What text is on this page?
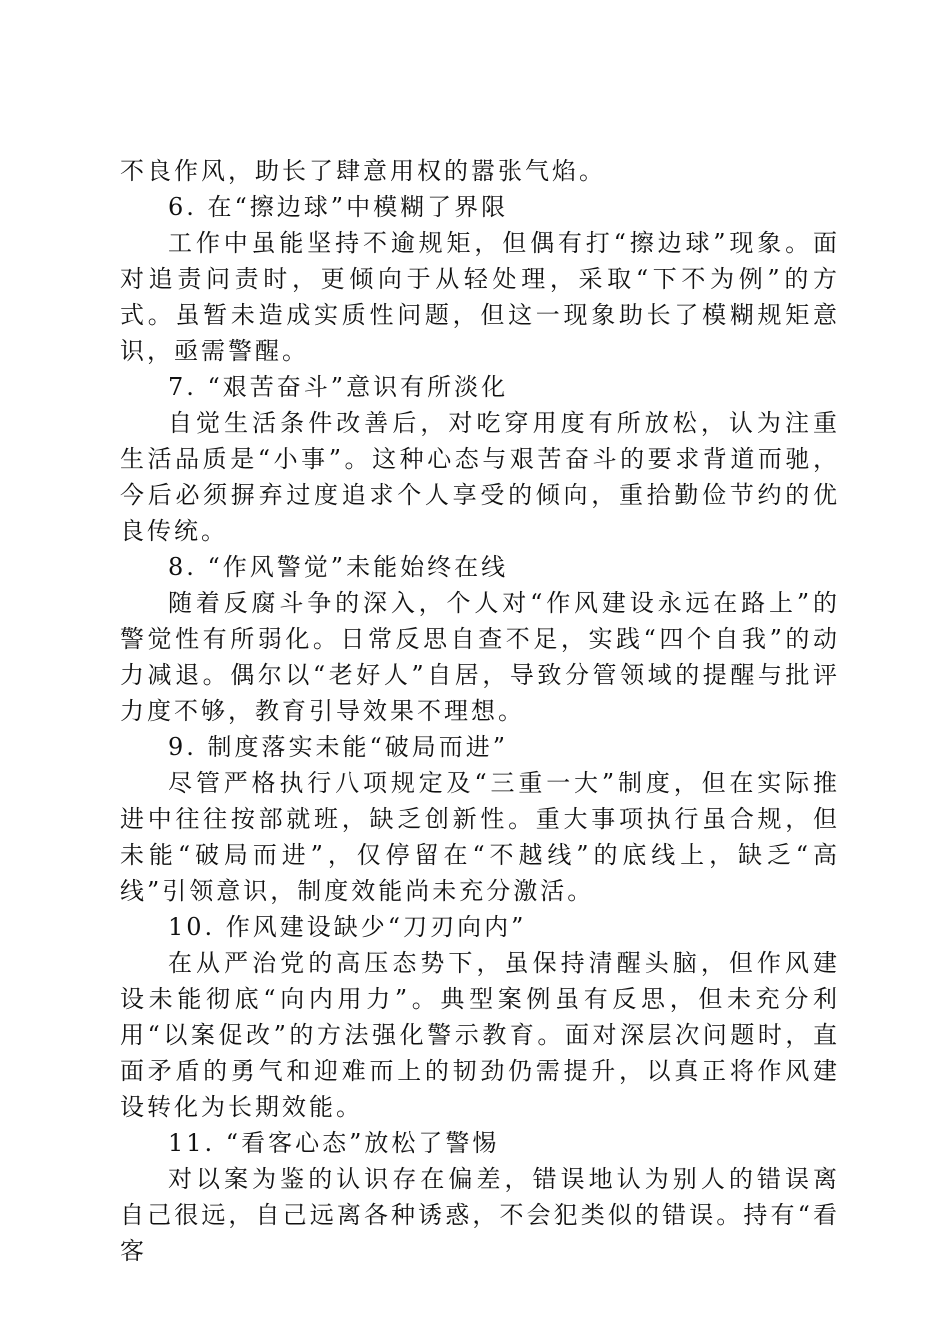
不良作风，助长了肆意用权的嚣张气焰。

6. 在“擦边球”中模糊了界限

工作中虽能坚持不逾规矩，但偶有打“擦边球”现象。面对追责问责时，更倾向于从轻处理，采取“下不为例”的方式。虽暂未造成实质性问题，但这一现象助长了模糊规矩意识，亟需警醒。

7. “艰苦奋斗”意识有所淡化

自觉生活条件改善后，对吃穿用度有所放松，认为注重生活品质是“小事”。这种心态与艰苦奋斗的要求背道而驰，今后必须摒弃过度追求个人享受的倾向，重拾勤俭节约的优良传统。

8. “作风警觉”未能始终在线

随着反腐斗争的深入，个人对“作风建设永远在路上”的警觉性有所弱化。日常反思自查不足，实践“四个自我”的动力减退。偶尔以“老好人”自居，导致分管领域的提醒与批评力度不够，教育引导效果不理想。

9. 制度落实未能“破局而进”

尽管严格执行八项规定及“三重一大”制度，但在实际推进中往往按部就班，缺乏创新性。重大事项执行虽合规，但未能“破局而进”，仅停留在“不越线”的底线上，缺乏“高线”引领意识，制度效能尚未充分激活。

10. 作风建设缺少“刀刃向内”

在从严治党的高压态势下，虽保持清醒头脑，但作风建设未能彻底“向内用力”。典型案例虽有反思，但未充分利用“以案促改”的方法强化警示教育。面对深层次问题时，直面矛盾的勇气和迎难而上的韧劲仍需提升，以真正将作风建设转化为长期效能。

11. “看客心态”放松了警惕

对以案为鉴的认识存在偏差，错误地认为别人的错误离自己很远，自己远离各种诱惑，不会犯类似的错误。持有“看客
